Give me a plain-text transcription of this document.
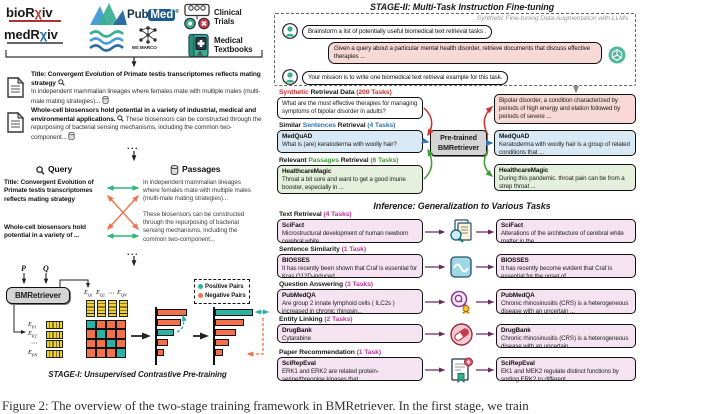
bioRχiv
medRχiv
Pub Med ®
MS MARCO
Clinical Trials
Medical Textbooks
Title: Convergent Evolution of Primate testis transcriptomes reflects mating strategy
In independent mammalian lineages where females mate with multiple males (multi-male mating strategies)...
Whole-cell biosensors hold potential in a variety of industrial, medical and environmental applications. These biosensors can be constructed through the repurposing of bacterial sensing mechanisms, including the common two-component...
...
Query	Passages
Title: Convergent Evolution of Primate testis transcriptomes reflects mating strategy
Whole-cell biosensors hold potential in a variety of ...
In independent mammalian lineages where females mate with multiple males (multi-male mating strategies)...
These biosensors can be constructed through the repurposing of bacterial sensing mechanisms, including the common two-component...
...
P Q
BMRetriever	$E_{Q1}$ $E_{Q2}$ ⋯ $E_{QN}$
$E_{P1}$
$E_{P2}$
⋯
$E_{PN}$
Positive Pairs
Negative Pairs
STAGE-I: Unsupervised Contrastive Pre-training
STAGE-II: Multi-Task Instruction Fine-tuning
Synthetic Fine-tuning Data Augmentation with LLMs
Brainstorm a list of potentially useful biomedical text retrieval tasks .
Given a query about a particular mental health disorder, retrieve documents that discuss effective therapies ...
Your mission is to write one biomedical text retrieval example for this task.
Synthetic Retrieval Data (200 Tasks)
What are the most effective therapies for managing symptoms of bipolar disorder in adults?
Similar Sentences Retrieval (4 Tasks)
MedQuAD
What is (are) keratoderma with woolly hair?
Relevant Passages Retrieval (6 Tasks)
HealthcareMagic
Throat a bit sore and want to get a good imune booster, especially in ...
Pre-trained
BMRetriever
Bipolar disorder, a condition characterized by periods of high energy and elation followed by periods of severe ...
MedQuAD
Keratoderma with woolly hair is a group of related conditions that ...
HealthcareMagic
During this pandemic. throat pain can be from a strep throat ...
Inference: Generalization to Various Tasks
Text Retrieval (4 Tasks)
SciFact
Microstructural development of human newborn cerebral white ...
SciFact
Alterations of the architecture of cerebral white matter in the ...
Sentence Similarity (1 Task)
BIOSSES
It has recently been shown that Craf is essential for Kras G12D-induced ...
BIOSSES
It has recently become evident that Craf is essential for the onset of ...
Question Answering (3 Tasks)
PubMedQA
Are group 2 innate lymphoid cells ( ILC2s ) increased in chronic rhinosin...
PubMedQA
Chronic rhinosinusitis (CRS) is a heterogeneous disease with an uncertain ...
Entity Linking (2 Tasks)
DrugBank
Cytarabine
DrugBank
Chronic rhinosinusitis (CRS) is a heterogeneous disease with an uncertain ...
Paper Recommendation (1 Task)
SciRepEval
ERK1 and ERK2 are related protein-serine/threonine kinases that ...
SciRepEval
EK1 and MEK2 regulate distinct functions by sorting ERK2 to different ...
Figure 2: The overview of the two-stage training framework in BMRetriever. In the first stage, we train
